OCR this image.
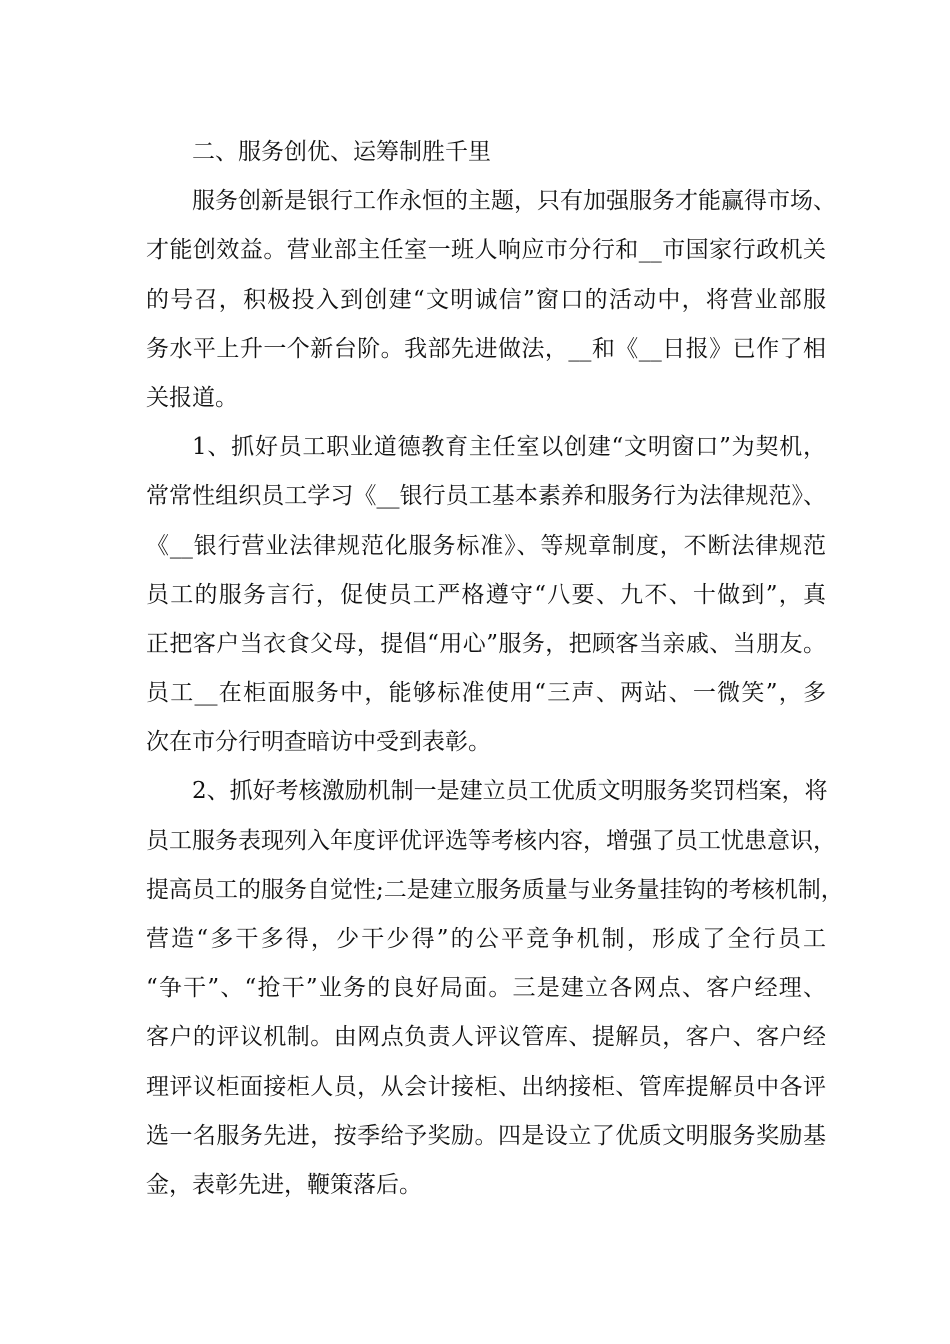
二、服务创优、运筹制胜千里
服务创新是银行工作永恒的主题，只有加强服务才能赢得市场、
才能创效益。营业部主任室一班人响应市分行和__市国家行政机关
的号召，积极投入到创建“文明诚信”窗口的活动中，将营业部服
务水平上升一个新台阶。我部先进做法，__和《__日报》已作了相
关报道。
1、抓好员工职业道德教育主任室以创建“文明窗口”为契机，
常常性组织员工学习《__银行员工基本素养和服务行为法律规范》、
《__银行营业法律规范化服务标准》、等规章制度，不断法律规范
员工的服务言行，促使员工严格遵守“八要、九不、十做到”，真
正把客户当衣食父母，提倡“用心”服务，把顾客当亲戚、当朋友。
员工__在柜面服务中，能够标准使用“三声、两站、一微笑”，多
次在市分行明查暗访中受到表彰。
2、抓好考核激励机制一是建立员工优质文明服务奖罚档案，将
员工服务表现列入年度评优评选等考核内容，增强了员工忧患意识，
提高员工的服务自觉性;二是建立服务质量与业务量挂钩的考核机制，
营造“多干多得，少干少得”的公平竞争机制，形成了全行员工
“争干”、“抢干”业务的良好局面。三是建立各网点、客户经理、
客户的评议机制。由网点负责人评议管库、提解员，客户、客户经
理评议柜面接柜人员，从会计接柜、出纳接柜、管库提解员中各评
选一名服务先进，按季给予奖励。四是设立了优质文明服务奖励基
金，表彰先进，鞭策落后。
